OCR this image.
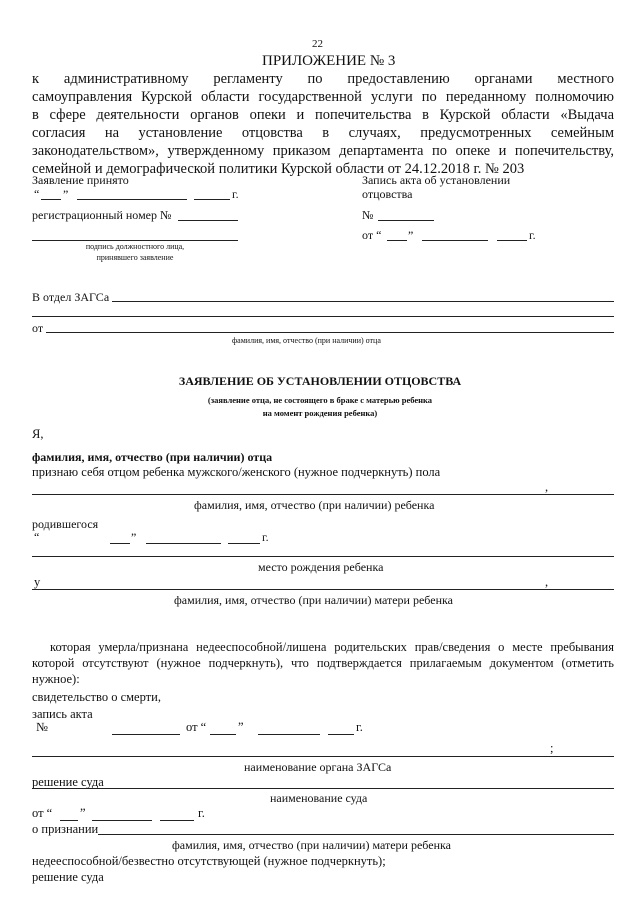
22
ПРИЛОЖЕНИЕ № 3
к административному регламенту по предоставлению органами местного
самоуправления Курской области государственной услуги по переданному полномочию
в сфере деятельности органов опеки и попечительства в Курской области «Выдача
согласия на установление отцовства в случаях, предусмотренных семейным
законодательством», утвержденному приказом департамента по опеке и попечительству,
семейной и демографической политики Курской области от 24.12.2018 г. № 203
Заявление принято
“ ”	г.
регистрационный номер №
подпись должностного лица,
принявшего заявление
Запись акта об установлении
отцовства
№
от “ ”	г.
В отдел ЗАГСа
от
фамилия, имя, отчество (при наличии) отца
ЗАЯВЛЕНИЕ ОБ УСТАНОВЛЕНИИ ОТЦОВСТВА
(заявление отца, не состоящего в браке с матерью ребенка
на момент рождения ребенка)
Я,
фамилия, имя, отчество (при наличии) отца
признаю себя отцом ребенка мужского/женского (нужное подчеркнуть) пола
,
фамилия, имя, отчество (при наличии) ребенка
родившегося
“	”	г.
место рождения ребенка
у	,
фамилия, имя, отчество (при наличии) матери ребенка
которая умерла/признана недееспособной/лишена родительских прав/сведения о месте пребывания
которой отсутствуют (нужное подчеркнуть), что подтверждается прилагаемым документом (отметить
нужное):
свидетельство о смерти,
запись акта
№	от “	”	г.
;
наименование органа ЗАГСа
решение суда
наименование суда
от “ ”	г.
о признании
фамилия, имя, отчество (при наличии) матери ребенка
недееспособной/безвестно отсутствующей (нужное подчеркнуть);
решение суда
